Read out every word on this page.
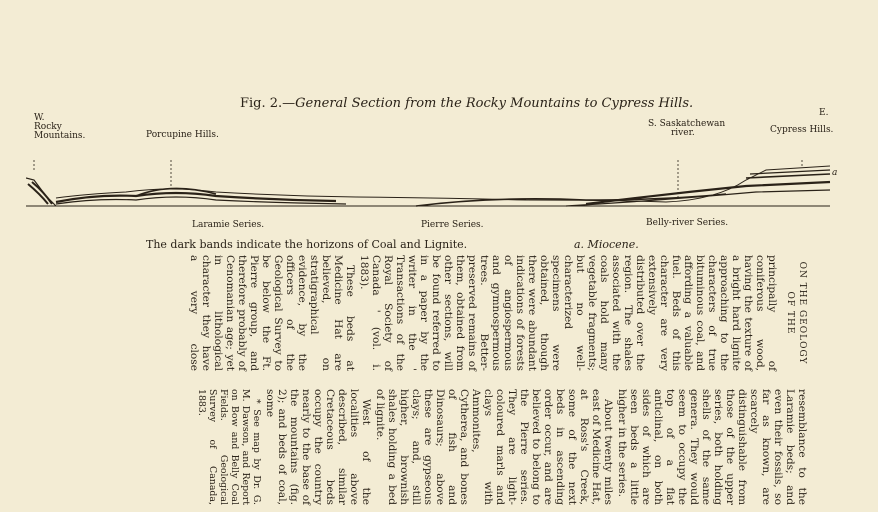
Fig. 2.—General Section from the Rocky Mountains to Cypress Hills.
W.
Rocky
Mountains.	Porcupine Hills.
S. Saskatchewan
river.
E.
Cypress Hills.
a
Laramie Series.	Pierre Series.	Belly-river Series.
The dark bands indicate the horizons of Coal and Lignite.	a. Miocene.

ON THE GEOLOGY OF THE

principally of coniferous wood, having the texture of a bright hard lignite approaching to the characters of true bituminous coal, and affording a valuable fuel. Beds of this character are very extensively distributed over the region. The shales associated with the coals hold many vegetable fragments; but no well-characterized specimens were obtained, though there were abundant indications of forests of angiospermous and gymnospermous trees. Better-preserved remains of them, obtained from other sections, will be found referred to in a paper by the writer in the ' Transactions of the Royal Society of Canada ' (vol. i. 1883).

These beds at Medicine Hat are believed, on stratigraphical evidence, by the officers of the Geological Survey to be below the Ft. Pierre group, and therefore probably of Cenomanian age; yet in lithological character they have a very close resemblance to the Laramie beds; and even their fossils, so far as known, are scarcely distinguishable from those of the upper series, both holding shells of the same genera. They would seem to occupy the top of a flat anticlinal, on both sides of which are seen beds a little higher in the series.

About twenty miles east of Medicine Hat, at Ross's Creek, some of the next beds in ascending order occur, and are believed to belong to the Pierre series. They are light-coloured marls and clays with Ammonites, Cytherea, and bones of fish and Dinosaurs; above these are gypseous clays; and, still higher, brownish shales holding a bed of lignite.

West of the localities above described, similar Cretaceous beds occupy the country nearly to the base of the mountains (fig. 2); and beds of coal, some

* See map by Dr. G. M. Dawson, and Report on Bow and Belly Coal Fields. Geological Survey of Canada, 1883.
